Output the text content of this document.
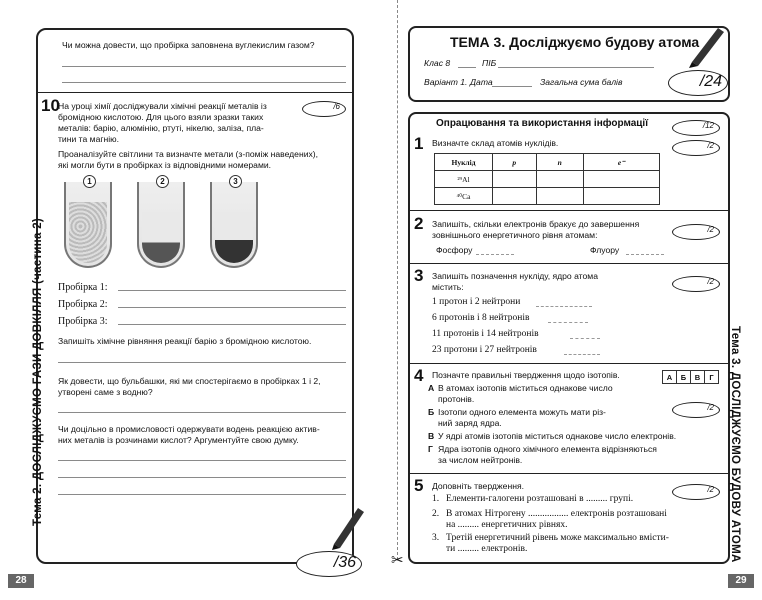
Чи можна довести, що пробірка заповнена вуглекислим газом?
10	/6
На уроці хімії досліджували хімічні реакції металів із
бромідною кислотою. Для цього взяли зразки таких
металів: барію, алюмінію, ртуті, нікелю, заліза, пла-
тини та магнію.
Проаналізуйте світлини та визначте метали (з-поміж наведених),
які могли бути в пробірках із відповідними номерами.
1	2	3
Пробірка 1:
Пробірка 2:
Пробірка 3:
Запишіть хімічне рівняння реакції барію з бромідною кислотою.
Як довести, що бульбашки, які ми спостерігаємо в пробірках 1 і 2,
утворені саме з водню?
Чи доцільно в промисловості одержувати водень реакцією актив-
них металів із розчинами кислот? Аргументуйте свою думку.
/36
Тема 2. ДОСЛІДЖУЄМО ГАЗИ ДОВКІЛЛЯ (частина 2)
28
✂
ТЕМА 3. Досліджуємо будову атома
Клас 8	ПІБ
Варіант 1. Дата	Загальна сума балів	/24
Опрацювання та використання інформації	/12
1 Визначте склад атомів нуклідів.	/2
Нуклід	p	n	e⁻
²⁹Al			
⁴⁰Ca			
2 Запишіть, скільки електронів бракує до завершення
зовнішнього енергетичного рівня атомам:
/2
Фосфору	Флуору
3 Запишіть позначення нукліду, ядро атома
містить:
/2
1 протон і 2 нейтрони
6 протонів і 8 нейтронів
11 протонів і 14 нейтронів
23 протони і 27 нейтронів
4 Позначте правильні твердження щодо ізотопів.	А	Б	В	Г
/2
А В атомах ізотопів міститься однакове число
протонів.
Б Ізотопи одного елемента можуть мати різ-
ний заряд ядра.
В У ядрі атомів ізотопів міститься однакове число електронів.
Г Ядра ізотопів одного хімічного елемента відрізняються
за числом нейтронів.
5 Доповніть твердження.	/2
1. Елементи-галогени розташовані в ......... групі.
2. В атомах Нітрогену ................. електронів розташовані
на ......... енергетичних рівнях.
3. Третій енергетичний рівень може максимально вмісти-
ти ......... електронів.	Тема 3. ДОСЛІДЖУЄМО БУДОВУ АТОМА
29
